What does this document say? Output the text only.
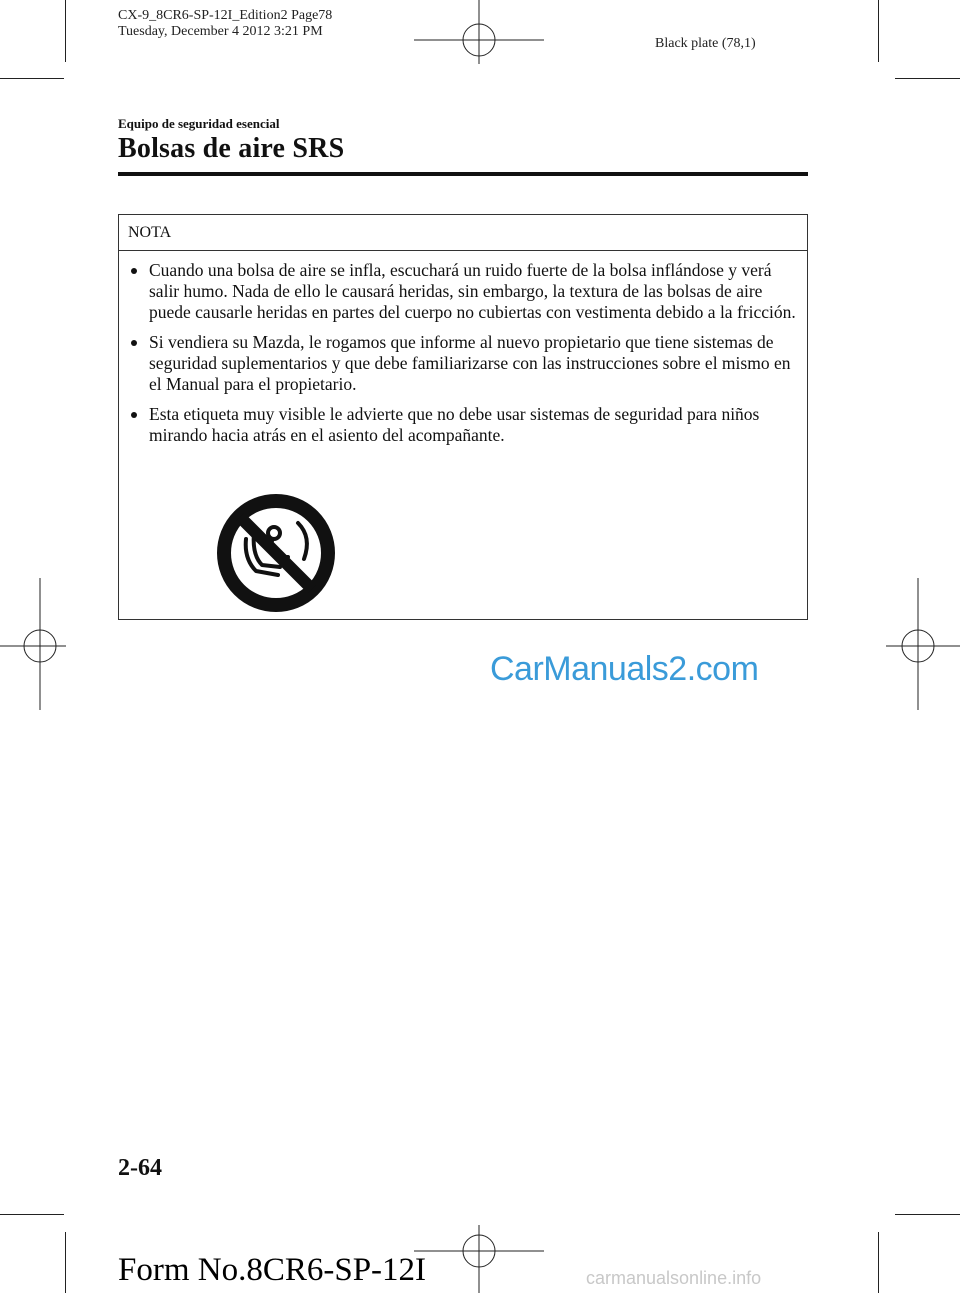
CX-9_8CR6-SP-12I_Edition2 Page78
Tuesday, December 4 2012 3:21 PM
Black plate (78,1)
Equipo de seguridad esencial
Bolsas de aire SRS
NOTA
Cuando una bolsa de aire se infla, escuchará un ruido fuerte de la bolsa inflándose y verá salir humo. Nada de ello le causará heridas, sin embargo, la textura de las bolsas de aire puede causarle heridas en partes del cuerpo no cubiertas con vestimenta debido a la fricción.
Si vendiera su Mazda, le rogamos que informe al nuevo propietario que tiene sistemas de seguridad suplementarios y que debe familiarizarse con las instrucciones sobre el mismo en el Manual para el propietario.
Esta etiqueta muy visible le advierte que no debe usar sistemas de seguridad para niños mirando hacia atrás en el asiento del acompañante.
CarManuals2.com
2-64
Form No.8CR6-SP-12I	carmanualsonline.info
